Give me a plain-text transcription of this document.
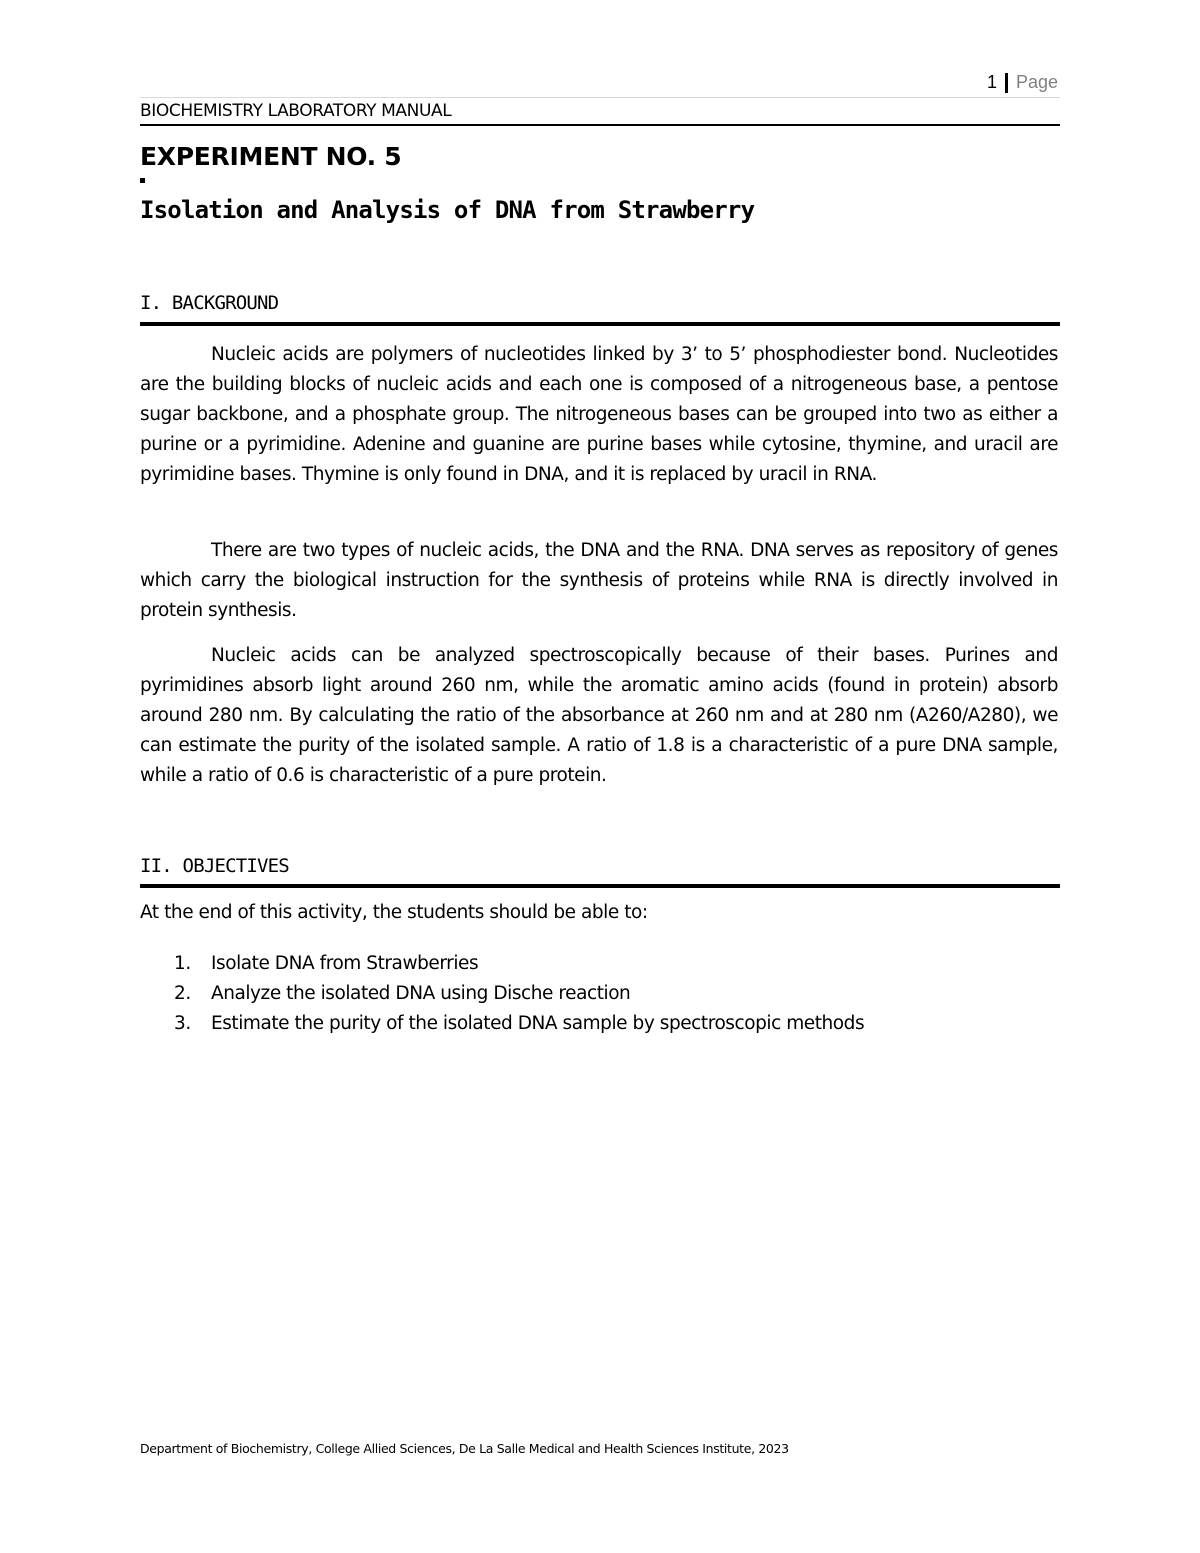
1 Page
BIOCHEMISTRY LABORATORY MANUAL
EXPERIMENT NO. 5
Isolation and Analysis of DNA from Strawberry
I. BACKGROUND

Nucleic acids are polymers of nucleotides linked by 3’ to 5’ phosphodiester bond. Nucleotides are the building blocks of nucleic acids and each one is composed of a nitrogeneous base, a pentose sugar backbone, and a phosphate group. The nitrogeneous bases can be grouped into two as either a purine or a pyrimidine. Adenine and guanine are purine bases while cytosine, thymine, and uracil are pyrimidine bases. Thymine is only found in DNA, and it is replaced by uracil in RNA.

There are two types of nucleic acids, the DNA and the RNA. DNA serves as repository of genes which carry the biological instruction for the synthesis of proteins while RNA is directly involved in protein synthesis.

Nucleic acids can be analyzed spectroscopically because of their bases. Purines and pyrimidines absorb light around 260 nm, while the aromatic amino acids (found in protein) absorb around 280 nm. By calculating the ratio of the absorbance at 260 nm and at 280 nm (A260/A280), we can estimate the purity of the isolated sample. A ratio of 1.8 is a characteristic of a pure DNA sample, while a ratio of 0.6 is characteristic of a pure protein.

II. OBJECTIVES
At the end of this activity, the students should be able to:
1.	Isolate DNA from Strawberries
2.	Analyze the isolated DNA using Dische reaction
3.	Estimate the purity of the isolated DNA sample by spectroscopic methods
Department of Biochemistry, College Allied Sciences, De La Salle Medical and Health Sciences Institute, 2023
